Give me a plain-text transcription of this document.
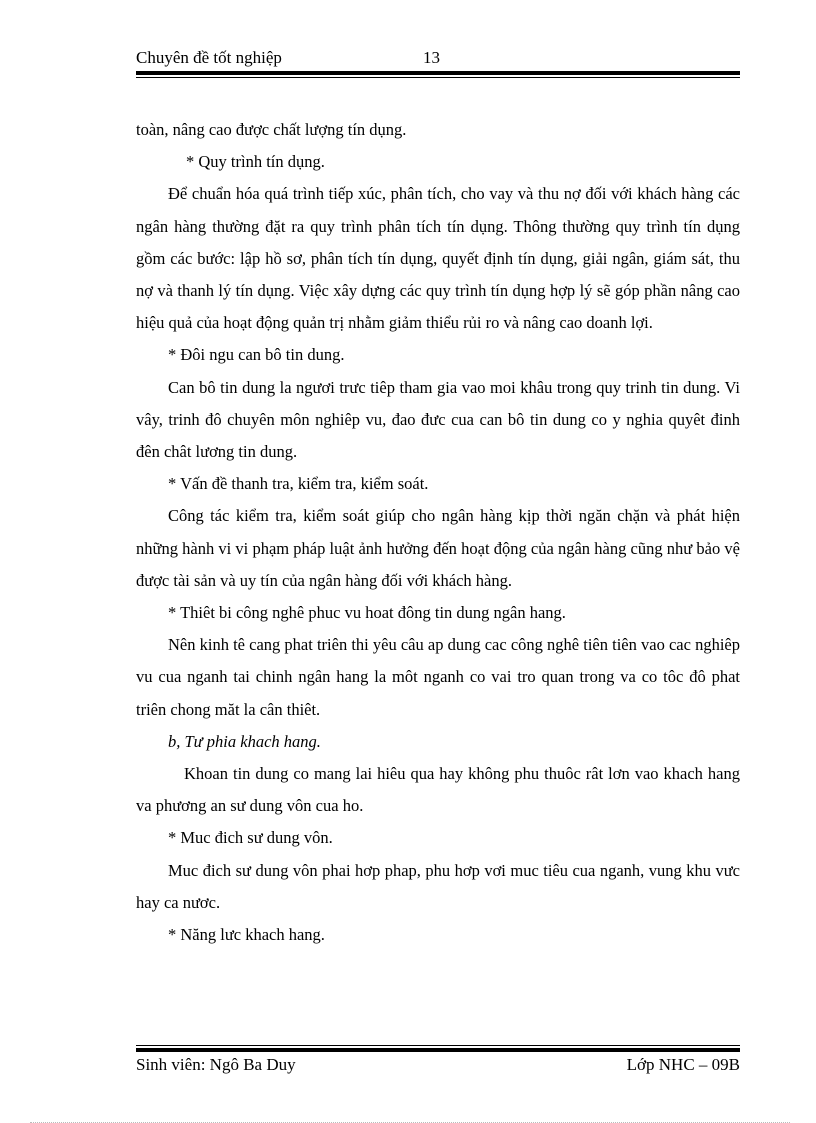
Chuyên đề tốt nghiệp	13

toàn, nâng cao được chất lượng tín dụng.

* Quy trình tín dụng.

Để chuẩn hóa quá trình tiếp xúc, phân tích, cho vay và thu nợ đối với khách hàng các ngân hàng thường đặt ra quy trình phân tích tín dụng. Thông thường quy trình tín dụng gồm các bước: lập hồ sơ, phân tích tín dụng, quyết định tín dụng, giải ngân, giám sát, thu nợ và thanh lý tín dụng. Việc xây dựng các quy trình tín dụng hợp lý sẽ góp phần nâng cao hiệu quả của hoạt động quản trị nhằm giảm thiểu rủi ro và nâng cao doanh lợi.

* Đôi ngu can bô tin dung.

Can bô tin dung la ngươi trưc tiêp tham gia vao moi khâu trong quy trinh tin dung. Vi vây, trinh đô chuyên môn nghiêp vu, đao đưc cua can bô tin dung co y nghia quyêt đinh đên chât lương tin dung.

* Vấn đề thanh tra, kiểm tra, kiểm soát.

Công tác kiểm tra, kiểm soát giúp cho ngân hàng kịp thời ngăn chặn và phát hiện những hành vi vi phạm pháp luật ảnh hưởng đến hoạt động của ngân hàng cũng như bảo vệ được tài sản và uy tín của ngân hàng đối với khách hàng.

* Thiêt bi công nghê phuc vu hoat đông tin dung ngân hang.

Nên kinh tê cang phat triên thi yêu câu ap dung cac công nghê tiên tiên vao cac nghiêp vu cua nganh tai chinh ngân hang la môt nganh co vai tro quan trong va co tôc đô phat triên chong măt la cân thiêt.

b, Tư phia khach hang.

Khoan tin dung co mang lai hiêu qua hay không phu thuôc rât lơn vao khach hang va phương an sư dung vôn cua ho.

* Muc đich sư dung vôn.

Muc đich sư dung vôn phai hơp phap, phu hơp vơi muc tiêu cua nganh, vung khu vưc hay ca nươc.

* Năng lưc khach hang.

Sinh viên: Ngô Ba Duy	Lớp NHC – 09B
